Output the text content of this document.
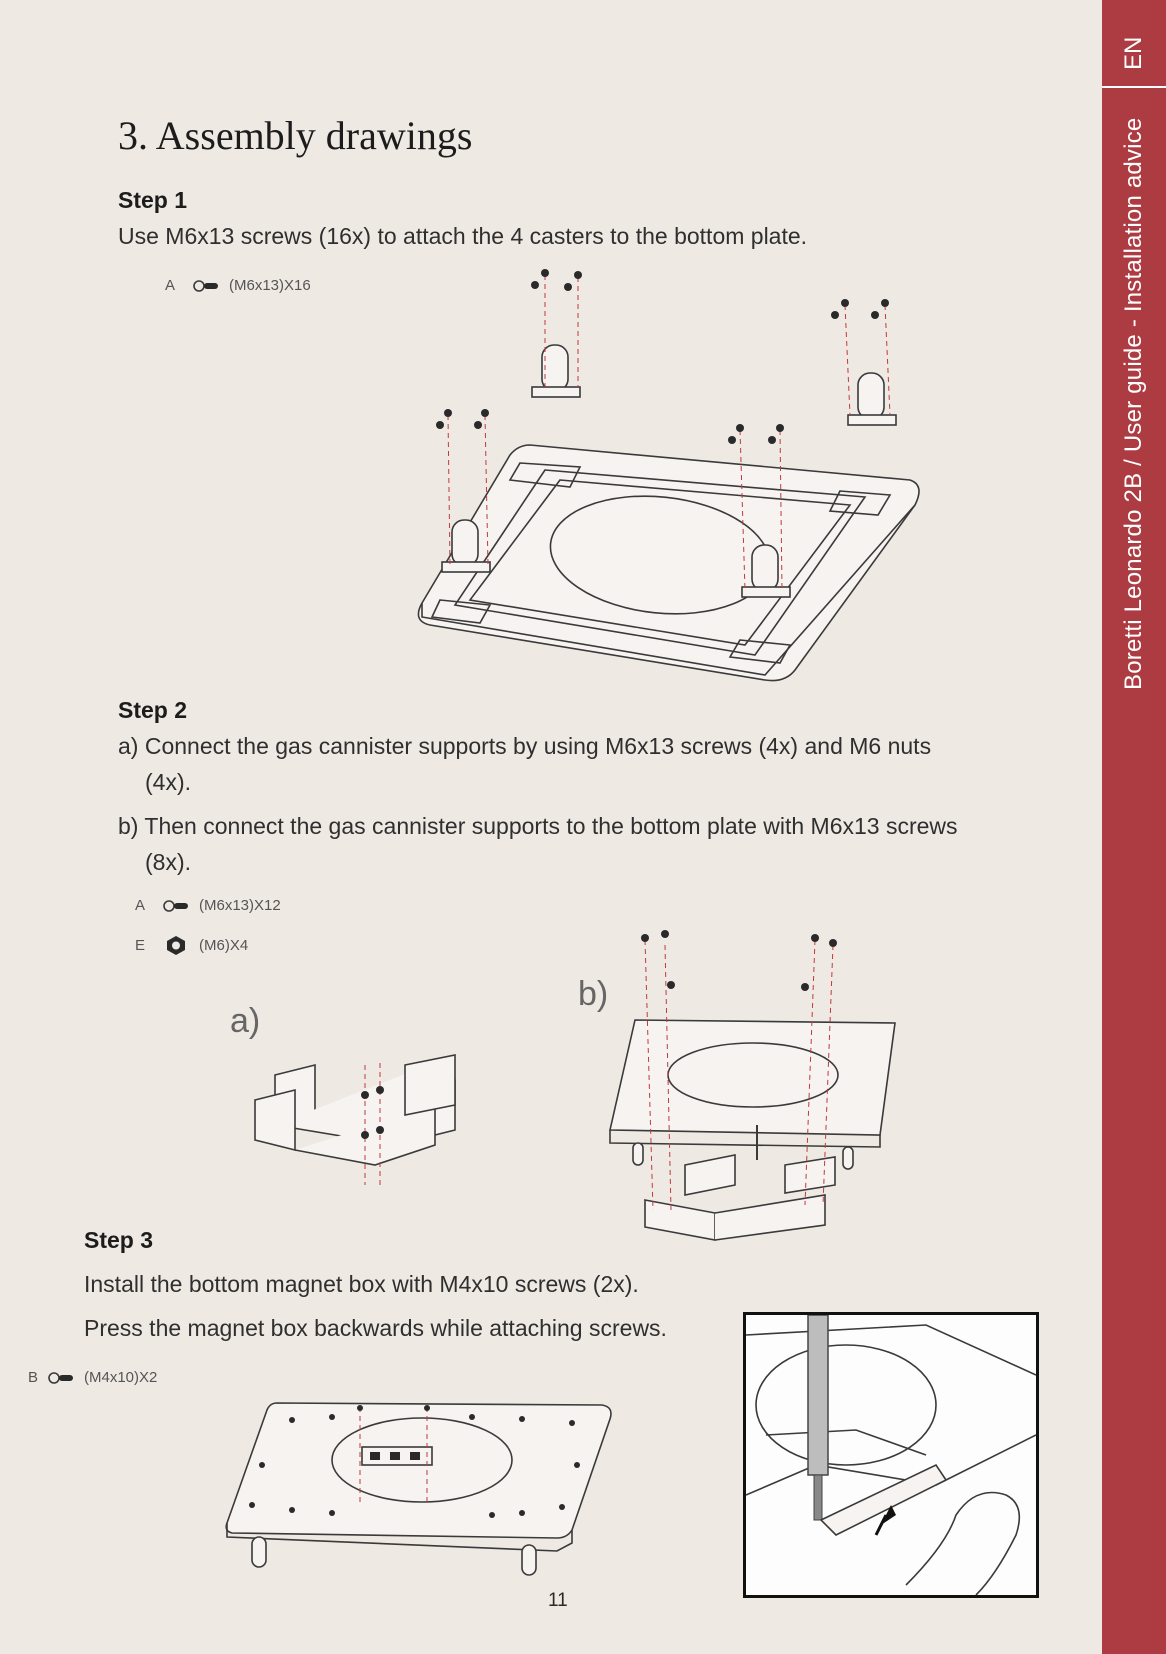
EN
Boretti Leonardo 2B / User guide - Installation advice
3. Assembly drawings
Step 1

Use M6x13 screws (16x) to attach the 4 casters to the bottom plate.

A	(M6x13)X16
Step 2

a) Connect the gas cannister supports by using M6x13 screws (4x) and M6 nuts (4x).

b) Then connect the gas cannister supports to the bottom plate with M6x13 screws (8x).

A	(M6x13)X12
E	(M6)X4
a)
b)
Step 3

Install the bottom magnet box with M4x10 screws (2x).

Press the magnet box backwards while attaching screws.

B	(M4x10)X2
11
